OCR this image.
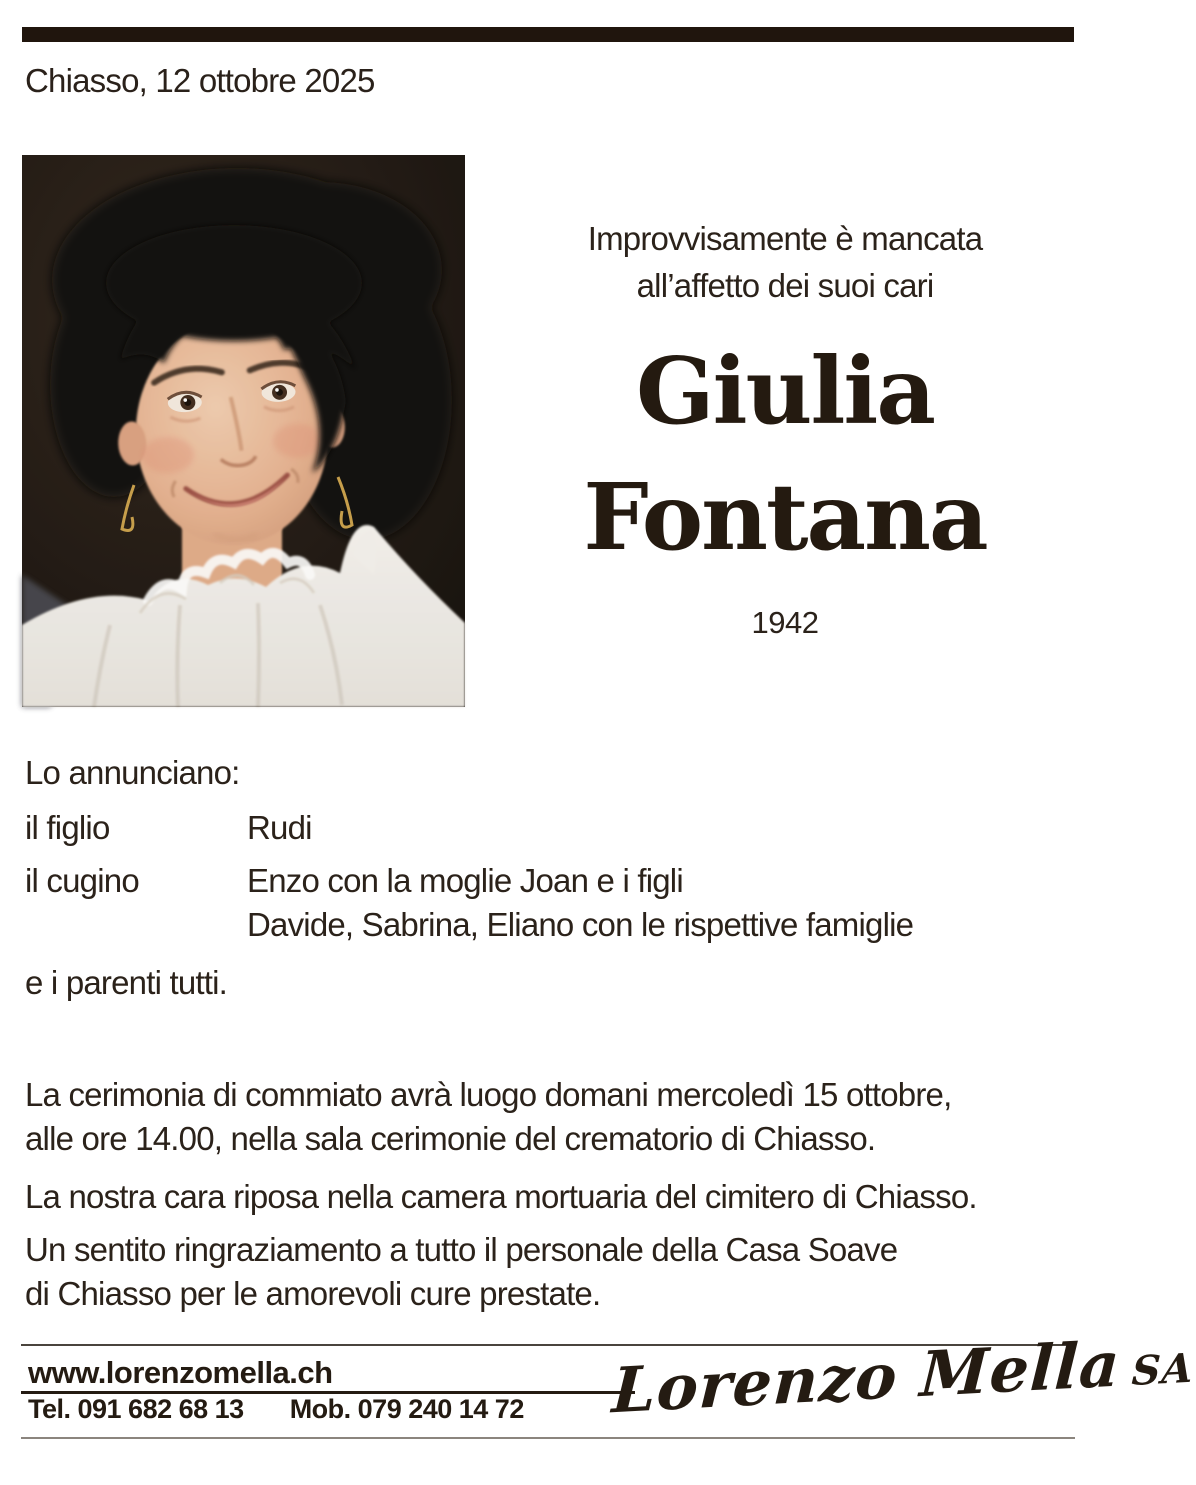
Chiasso, 12 ottobre 2025
Improvvisamente è mancata
all’affetto dei suoi cari
Giulia
Fontana
1942
Lo annunciano:
il figlio	Rudi
il cugino	Enzo con la moglie Joan e i figli
Davide, Sabrina, Eliano con le rispettive famiglie
e i parenti tutti.
La cerimonia di commiato avrà luogo domani mercoledì 15 ottobre,
alle ore 14.00, nella sala cerimonie del crematorio di Chiasso.
La nostra cara riposa nella camera mortuaria del cimitero di Chiasso.
Un sentito ringraziamento a tutto il personale della Casa Soave
di Chiasso per le amorevoli cure prestate.
www.lorenzomella.ch
Tel. 091 682 68 13 Mob. 079 240 14 72 Lorenzo Mella SA
